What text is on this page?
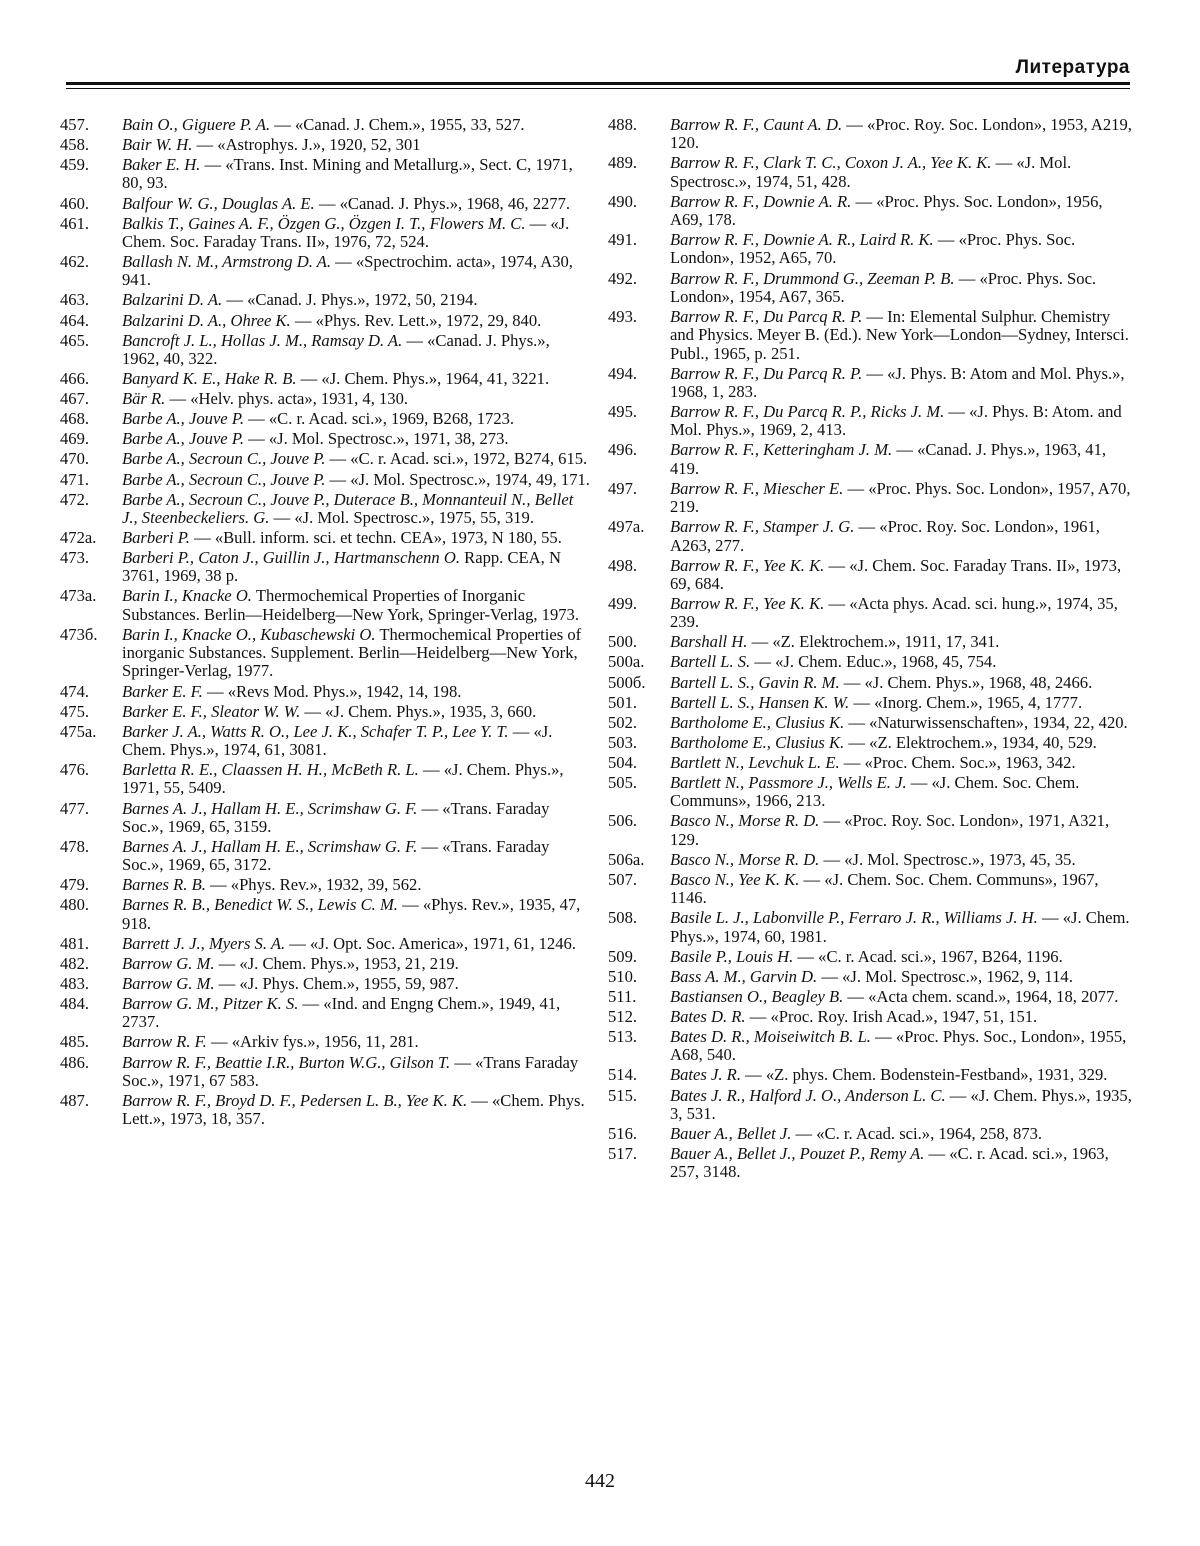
Литература
457.	Bain O., Giguere P. A. — «Canad. J. Chem.», 1955, 33, 527.
458.	Bair W. H. — «Astrophys. J.», 1920, 52, 301
459.	Baker E. H. — «Trans. Inst. Mining and Metallurg.», Sect. C, 1971, 80, 93.
460.	Balfour W. G., Douglas A. E. — «Canad. J. Phys.», 1968, 46, 2277.
461.	Balkis T., Gaines A. F., Özgen G., Özgen I. T., Flowers M. C. — «J. Chem. Soc. Faraday Trans. II», 1976, 72, 524.
462.	Ballash N. M., Armstrong D. A. — «Spectrochim. acta», 1974, A30, 941.
463.	Balzarini D. A. — «Canad. J. Phys.», 1972, 50, 2194.
464.	Balzarini D. A., Ohree K. — «Phys. Rev. Lett.», 1972, 29, 840.
465.	Bancroft J. L., Hollas J. M., Ramsay D. A. — «Canad. J. Phys.», 1962, 40, 322.
466.	Banyard K. E., Hake R. B. — «J. Chem. Phys.», 1964, 41, 3221.
467.	Bär R. — «Helv. phys. acta», 1931, 4, 130.
468.	Barbe A., Jouve P. — «C. r. Acad. sci.», 1969, B268, 1723.
469.	Barbe A., Jouve P. — «J. Mol. Spectrosc.», 1971, 38, 273.
470.	Barbe A., Secroun C., Jouve P. — «C. r. Acad. sci.», 1972, B274, 615.
471.	Barbe A., Secroun C., Jouve P. — «J. Mol. Spectrosc.», 1974, 49, 171.
472.	Barbe A., Secroun C., Jouve P., Duterace B., Monnanteuil N., Bellet J., Steenbeckeliers. G. — «J. Mol. Spectrosc.», 1975, 55, 319.
472a.	Barberi P. — «Bull. inform. sci. et techn. CEA», 1973, N 180, 55.
473.	Barberi P., Caton J., Guillin J., Hartmanschenn O. Rapp. CEA, N 3761, 1969, 38 p.
473a.	Barin I., Knacke O. Thermochemical Properties of Inorganic Substances. Berlin—Heidelberg—New York, Springer-Verlag, 1973.
473б.	Barin I., Knacke O., Kubaschewski O. Thermochemical Properties of inorganic Substances. Supplement. Berlin—Heidelberg—New York, Springer-Verlag, 1977.
474.	Barker E. F. — «Revs Mod. Phys.», 1942, 14, 198.
475.	Barker E. F., Sleator W. W. — «J. Chem. Phys.», 1935, 3, 660.
475a.	Barker J. A., Watts R. O., Lee J. K., Schafer T. P., Lee Y. T. — «J. Chem. Phys.», 1974, 61, 3081.
476.	Barletta R. E., Claassen H. H., McBeth R. L. — «J. Chem. Phys.», 1971, 55, 5409.
477.	Barnes A. J., Hallam H. E., Scrimshaw G. F. — «Trans. Faraday Soc.», 1969, 65, 3159.
478.	Barnes A. J., Hallam H. E., Scrimshaw G. F. — «Trans. Faraday Soc.», 1969, 65, 3172.
479.	Barnes R. B. — «Phys. Rev.», 1932, 39, 562.
480.	Barnes R. B., Benedict W. S., Lewis C. M. — «Phys. Rev.», 1935, 47, 918.
481.	Barrett J. J., Myers S. A. — «J. Opt. Soc. America», 1971, 61, 1246.
482.	Barrow G. M. — «J. Chem. Phys.», 1953, 21, 219.
483.	Barrow G. M. — «J. Phys. Chem.», 1955, 59, 987.
484.	Barrow G. M., Pitzer K. S. — «Ind. and Engng Chem.», 1949, 41, 2737.
485.	Barrow R. F. — «Arkiv fys.», 1956, 11, 281.
486.	Barrow R. F., Beattie I.R., Burton W.G., Gilson T. — «Trans Faraday Soc.», 1971, 67 583.
487.	Barrow R. F., Broyd D. F., Pedersen L. B., Yee K. K. — «Chem. Phys. Lett.», 1973, 18, 357.
488.	Barrow R. F., Caunt A. D. — «Proc. Roy. Soc. London», 1953, A219, 120.
489.	Barrow R. F., Clark T. C., Coxon J. A., Yee K. K. — «J. Mol. Spectrosc.», 1974, 51, 428.
490.	Barrow R. F., Downie A. R. — «Proc. Phys. Soc. London», 1956, A69, 178.
491.	Barrow R. F., Downie A. R., Laird R. K. — «Proc. Phys. Soc. London», 1952, A65, 70.
492.	Barrow R. F., Drummond G., Zeeman P. B. — «Proc. Phys. Soc. London», 1954, A67, 365.
493.	Barrow R. F., Du Parcq R. P. — In: Elemental Sulphur. Chemistry and Physics. Meyer B. (Ed.). New York—London—Sydney, Intersci. Publ., 1965, p. 251.
494.	Barrow R. F., Du Parcq R. P. — «J. Phys. B: Atom and Mol. Phys.», 1968, 1, 283.
495.	Barrow R. F., Du Parcq R. P., Ricks J. M. — «J. Phys. B: Atom. and Mol. Phys.», 1969, 2, 413.
496.	Barrow R. F., Ketteringham J. M. — «Canad. J. Phys.», 1963, 41, 419.
497.	Barrow R. F., Miescher E. — «Proc. Phys. Soc. London», 1957, A70, 219.
497a.	Barrow R. F., Stamper J. G. — «Proc. Roy. Soc. London», 1961, A263, 277.
498.	Barrow R. F., Yee K. K. — «J. Chem. Soc. Faraday Trans. II», 1973, 69, 684.
499.	Barrow R. F., Yee K. K. — «Acta phys. Acad. sci. hung.», 1974, 35, 239.
500.	Barshall H. — «Z. Elektrochem.», 1911, 17, 341.
500a.	Bartell L. S. — «J. Chem. Educ.», 1968, 45, 754.
500б.	Bartell L. S., Gavin R. M. — «J. Chem. Phys.», 1968, 48, 2466.
501.	Bartell L. S., Hansen K. W. — «Inorg. Chem.», 1965, 4, 1777.
502.	Bartholome E., Clusius K. — «Naturwissenschaften», 1934, 22, 420.
503.	Bartholome E., Clusius K. — «Z. Elektrochem.», 1934, 40, 529.
504.	Bartlett N., Levchuk L. E. — «Proc. Chem. Soc.», 1963, 342.
505.	Bartlett N., Passmore J., Wells E. J. — «J. Chem. Soc. Chem. Communs», 1966, 213.
506.	Basco N., Morse R. D. — «Proc. Roy. Soc. London», 1971, A321, 129.
506a.	Basco N., Morse R. D. — «J. Mol. Spectrosc.», 1973, 45, 35.
507.	Basco N., Yee K. K. — «J. Chem. Soc. Chem. Communs», 1967, 1146.
508.	Basile L. J., Labonville P., Ferraro J. R., Williams J. H. — «J. Chem. Phys.», 1974, 60, 1981.
509.	Basile P., Louis H. — «C. r. Acad. sci.», 1967, B264, 1196.
510.	Bass A. M., Garvin D. — «J. Mol. Spectrosc.», 1962, 9, 114.
511.	Bastiansen O., Beagley B. — «Acta chem. scand.», 1964, 18, 2077.
512.	Bates D. R. — «Proc. Roy. Irish Acad.», 1947, 51, 151.
513.	Bates D. R., Moiseiwitch B. L. — «Proc. Phys. Soc., London», 1955, A68, 540.
514.	Bates J. R. — «Z. phys. Chem. Bodenstein-Festband», 1931, 329.
515.	Bates J. R., Halford J. O., Anderson L. C. — «J. Chem. Phys.», 1935, 3, 531.
516.	Bauer A., Bellet J. — «C. r. Acad. sci.», 1964, 258, 873.
517.	Bauer A., Bellet J., Pouzet P., Remy A. — «C. r. Acad. sci.», 1963, 257, 3148.
442
